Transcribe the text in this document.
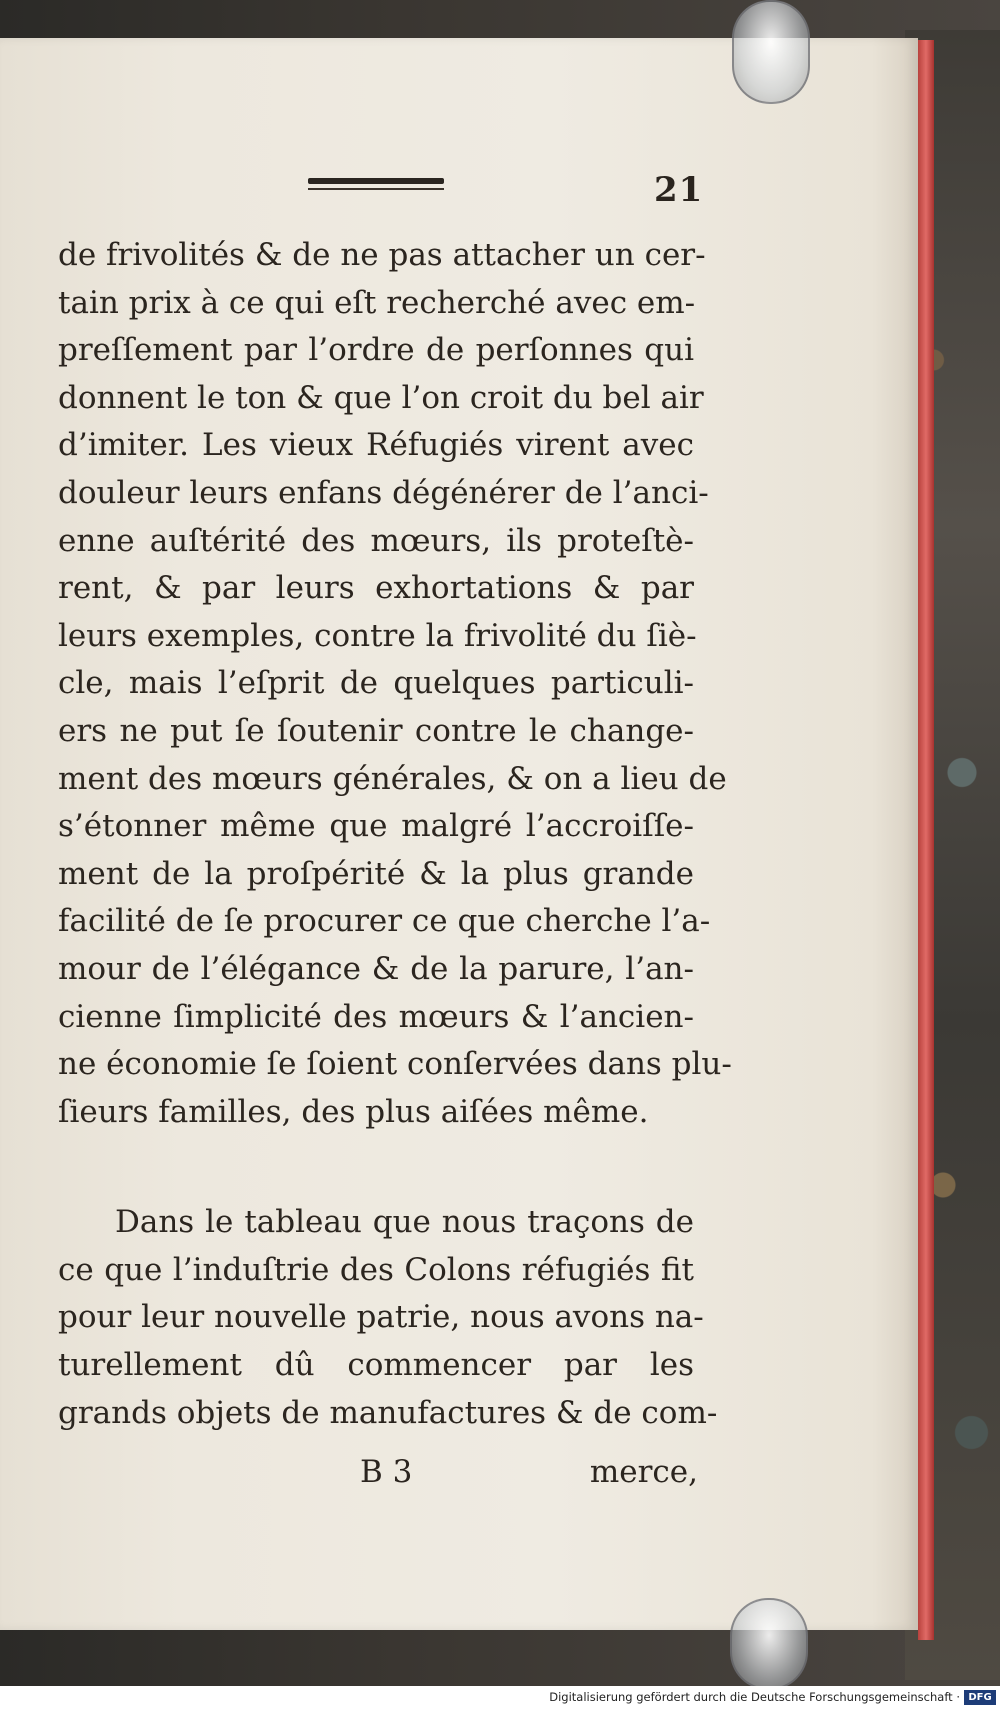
21
de frivolités & de ne pas attacher un cer-
tain prix à ce qui eſt recherché avec em-
preſſement par l’ordre de perſonnes qui
donnent le ton & que l’on croit du bel air
d’imiter. Les vieux Réfugiés virent avec
douleur leurs enfans dégénérer de l’anci-
enne auſtérité des mœurs, ils proteſtè-
rent, & par leurs exhortations & par
leurs exemples, contre la frivolité du ſiè-
cle, mais l’eſprit de quelques particuli-
ers ne put ſe ſoutenir contre le change-
ment des mœurs générales, & on a lieu de
s’étonner même que malgré l’accroiſſe-
ment de la proſpérité & la plus grande
facilité de ſe procurer ce que cherche l’a-
mour de l’élégance & de la parure, l’an-
cienne ſimplicité des mœurs & l’ancien-
ne économie ſe ſoient conſervées dans plu-
ſieurs familles, des plus aiſées même.
Dans le tableau que nous traçons de
ce que l’induſtrie des Colons réfugiés fit
pour leur nouvelle patrie, nous avons na-
turellement dû commencer par les
grands objets de manufactures & de com-
B 3	merce,
Digitalisierung gefördert durch die Deutsche Forschungsgemeinschaft · DFG
